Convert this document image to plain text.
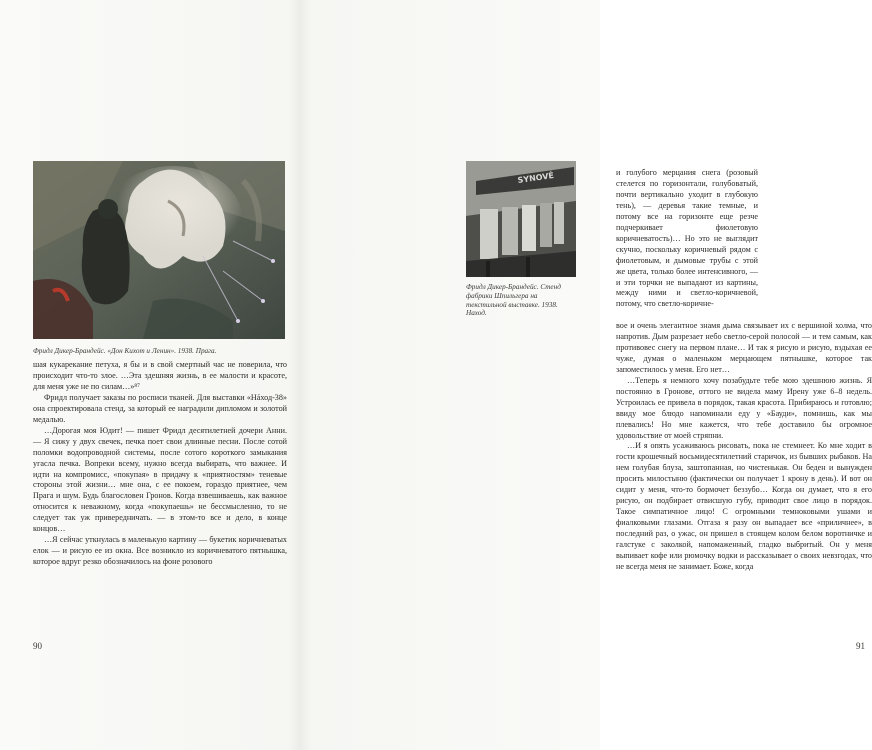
Фридл Дикер-Брандейс. «Дон Кихот и Ленин». 1938. Прага.

шая кукарекание петуха, я бы и в свой смертный час не поверила, что происходит что-то злое. …Эта здешняя жизнь, в ее малости и красоте, для меня уже не по силам…»⁸⁷

Фридл получает заказы по росписи тканей. Для выставки «Нáход-38» она спроектировала стенд, за который ее наградили дипломом и золотой медалью.

…Дорогая моя Юдит! — пишет Фридл десятилетней дочери Анни. — Я сижу у двух свечек, печка поет свои длинные песни. После сотой поломки водопроводной системы, после сотого короткого замыкания угасла печка. Вопреки всему, нужно всегда выбирать, что важнее. И идти на компромисс, «покупая» в придачу к «приятностям» теневые стороны этой жизни… мне она, с ее покоем, гораздо приятнее, чем Прага и шум. Будь благословен Гронов. Когда взвешиваешь, как важное относится к неважному, когда «покупаешь» не бессмысленно, то не следует так уж привередничать. — в этом-то все и дело, в конце концов…

…Я сейчас уткнулась в маленькую картину — букетик коричневатых елок — и рисую ее из окна. Все возникло из коричневатого пятнышка, которое вдруг резко обозначилось на фоне розового

90

SYNOVÉ

Фридл Дикер-Брандейс. Стенд фабрики Шпильгера на текстильной выставке. 1938. Наход.

и голубого мерцания снега (розовый стелется по горизонтали, голубоватый, почти вертикально уходит в глубокую тень), — деревья такие темные, и потому все на горизонте еще резче подчеркивает фиолетовую коричневатость)… Но это не выглядит скучно, поскольку коричневый рядом с фиолетовым, и дымовые трубы с этой же цвета, только более интенсивного, — и эти торчки не выпадают из картины, между ними и светло-коричневой, потому, что светло-коричне-

вое и очень элегантное знамя дыма связывает их с вершиной холма, что напротив. Дым разрезает небо светло-серой полосой — и тем самым, как противовес снегу на первом плане… И так я рисую и рисую, вздыхая ее чуже, думая о маленьком мерцающем пятнышке, которое так запоместилось у меня. Его нет…

…Теперь я немного хочу позабудьте тебе мою здешнюю жизнь. Я постоянно в Гронове, оттого не видела маму Ирену уже 6–8 недель. Устроилась ее привела в порядок, такая красота. Прибираюсь и готовлю; ввиду мое блюдо напоминали еду у «Бауди», помнишь, как мы плевались! Но мне кажется, что тебе доставило бы огромное удовольствие от моей стряпни.

…И я опять усаживаюсь рисовать, пока не стемнеет. Ко мне ходит в гости крошечный восьмидесятилетний старичок, из бывших рыбаков. На нем голубая блуза, заштопанная, но чистенькая. Он беден и вынужден просить милостыню (фактически он получает 1 крону в день). И вот он сидит у меня, что-то бормочет беззубо… Когда он думает, что я его рисую, он подбирает отвисшую губу, приводит свое лицо в порядок. Такое симпатичное лицо! С огромными темноковыми ушами и фиалковыми глазами. Отгаза я разу он выпадает все «приличнее», в последний раз, о ужас, он пришел в стоящем колом белом воротничке и галстуке с заколкой, напомаженный, гладко выбритый. Он у меня выпивает кофе или рюмочку водки и рассказывает о своих невзгодах, что не всегда меня не занимает. Боже, когда

91
